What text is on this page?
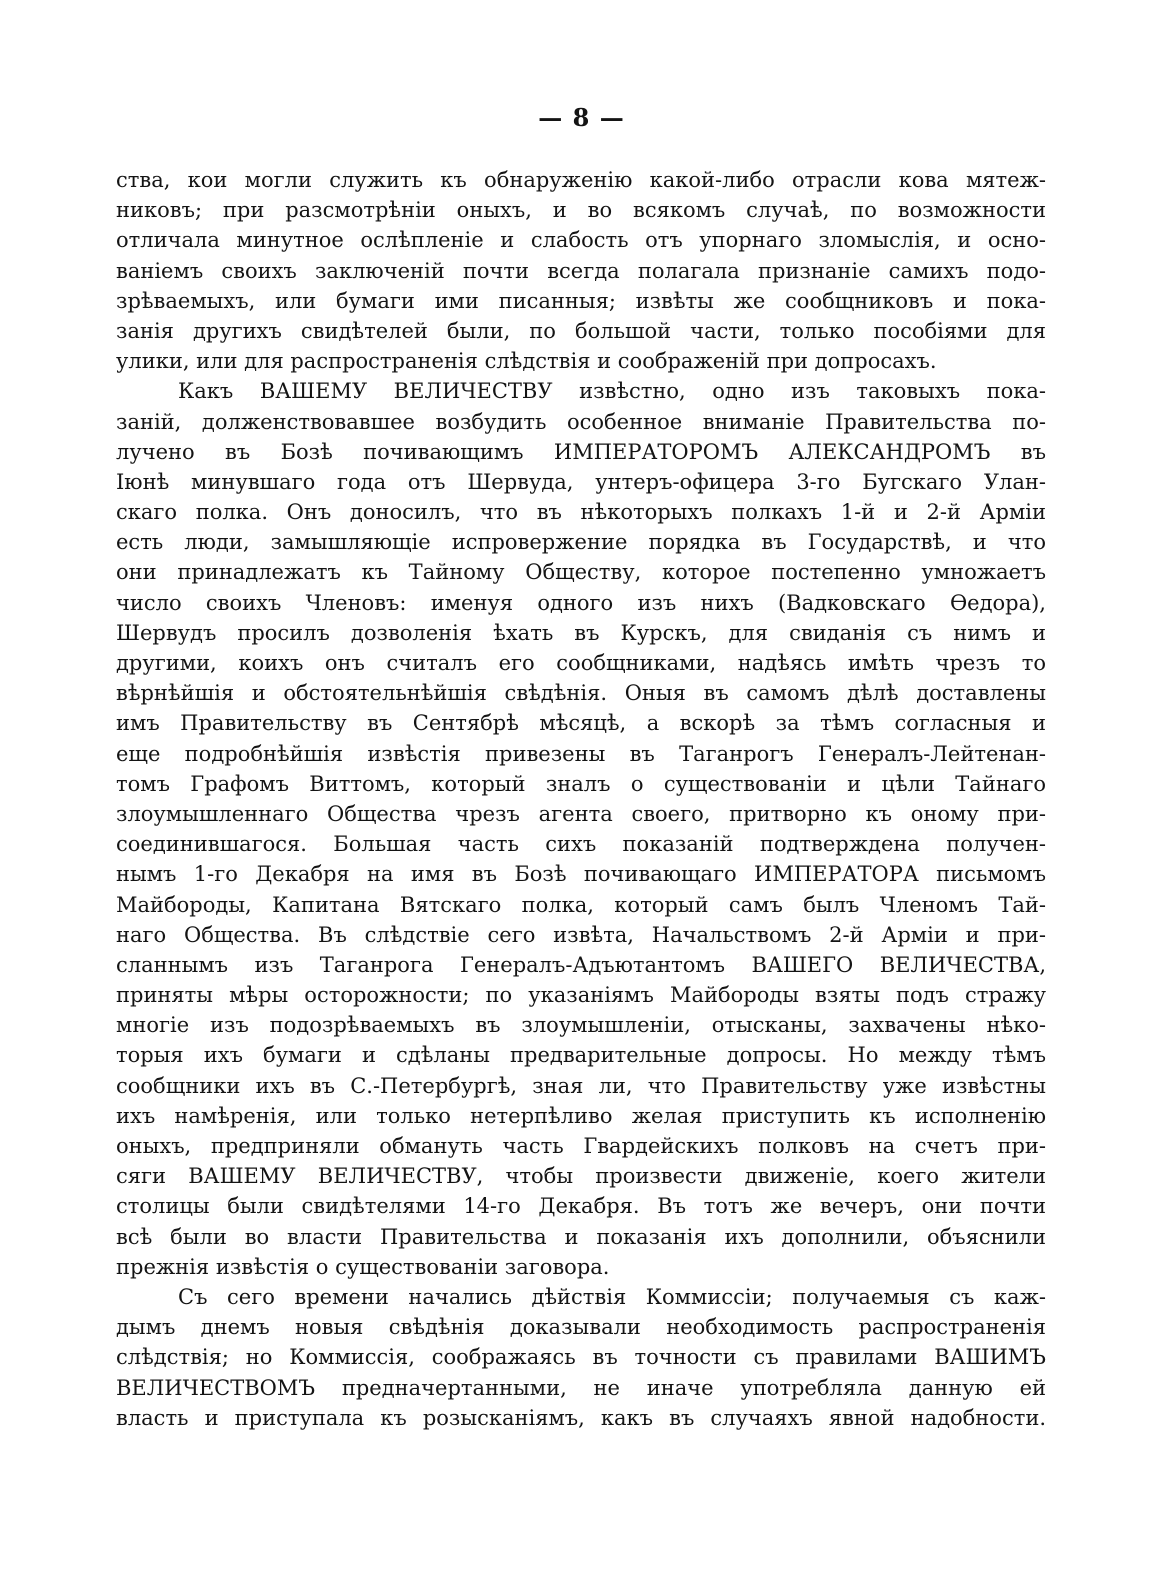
— 8 —
ства, кои могли служить къ обнаруженiю какой-либо отрасли кова мятеж-
никовъ; при разсмотрѣнiи оныхъ, и во всякомъ случаѣ, по возможности
отличала минутное ослѣпленiе и слабость отъ упорнаго зломыслiя, и осно-
ванiемъ своихъ заключенiй почти всегда полагала признанiе самихъ подо-
зрѣваемыхъ, или бумаги ими писанныя; извѣты же сообщниковъ и пока-
занiя другихъ свидѣтелей были, по большой части, только пособiями для
улики, или для распространенiя слѣдствiя и соображенiй при допросахъ.
Какъ ВАШЕМУ ВЕЛИЧЕСТВУ извѣстно, одно изъ таковыхъ пока-
занiй, долженствовавшее возбудить особенное вниманiе Правительства по-
лучено въ Бозѣ почивающимъ ИМПЕРАТОРОМЪ АЛЕКСАНДРОМЪ въ
Iюнѣ минувшаго года отъ Шервуда, унтеръ-офицера 3-го Бугскаго Улан-
скаго полка. Онъ доносилъ, что въ нѣкоторыхъ полкахъ 1-й и 2-й Армiи
есть люди, замышляющiе испровержение порядка въ Государствѣ, и что
они принадлежатъ къ Тайному Обществу, которое постепенно умножаетъ
число своихъ Членовъ: именуя одного изъ нихъ (Вадковскаго Ѳедора),
Шервудъ просилъ дозволенiя ѣхать въ Курскъ, для свиданiя съ нимъ и
другими, коихъ онъ считалъ его сообщниками, надѣясь имѣть чрезъ то
вѣрнѣйшiя и обстоятельнѣйшiя свѣдѣнiя. Оныя въ самомъ дѣлѣ доставлены
имъ Правительству въ Сентябрѣ мѣсяцѣ, а вскорѣ за тѣмъ согласныя и
еще подробнѣйшiя извѣстiя привезены въ Таганрогъ Генералъ-Лейтенан-
томъ Графомъ Виттомъ, который зналъ о существованiи и цѣли Тайнаго
злоумышленнаго Общества чрезъ агента своего, притворно къ оному при-
соединившагося. Большая часть сихъ показанiй подтверждена получен-
нымъ 1-го Декабря на имя въ Бозѣ почивающаго ИМПЕРАТОРА письмомъ
Майбороды, Капитана Вятскаго полка, который самъ былъ Членомъ Тай-
наго Общества. Въ слѣдствiе сего извѣта, Начальствомъ 2-й Армiи и при-
сланнымъ изъ Таганрога Генералъ-Адъютантомъ ВАШЕГО ВЕЛИЧЕСТВА,
приняты мѣры осторожности; по указанiямъ Майбороды взяты подъ стражу
многiе изъ подозрѣваемыхъ въ злоумышленiи, отысканы, захвачены нѣко-
торыя ихъ бумаги и сдѣланы предварительные допросы. Но между тѣмъ
сообщники ихъ въ С.-Петербургѣ, зная ли, что Правительству уже извѣстны
ихъ намѣренiя, или только нетерпѣливо желая приступить къ исполненiю
оныхъ, предприняли обмануть часть Гвардейскихъ полковъ на счетъ при-
сяги ВАШЕМУ ВЕЛИЧЕСТВУ, чтобы произвести движенiе, коего жители
столицы были свидѣтелями 14-го Декабря. Въ тотъ же вечеръ, они почти
всѣ были во власти Правительства и показанiя ихъ дополнили, объяснили
прежнiя извѣстiя о существованiи заговора.
Съ сего времени начались дѣйствiя Коммиссiи; получаемыя съ каж-
дымъ днемъ новыя свѣдѣнiя доказывали необходимость распространенiя
слѣдствiя; но Коммиссiя, соображаясь въ точности съ правилами ВАШИМЪ
ВЕЛИЧЕСТВОМЪ предначертанными, не иначе употребляла данную ей
власть и приступала къ розысканiямъ, какъ въ случаяхъ явной надобности.
